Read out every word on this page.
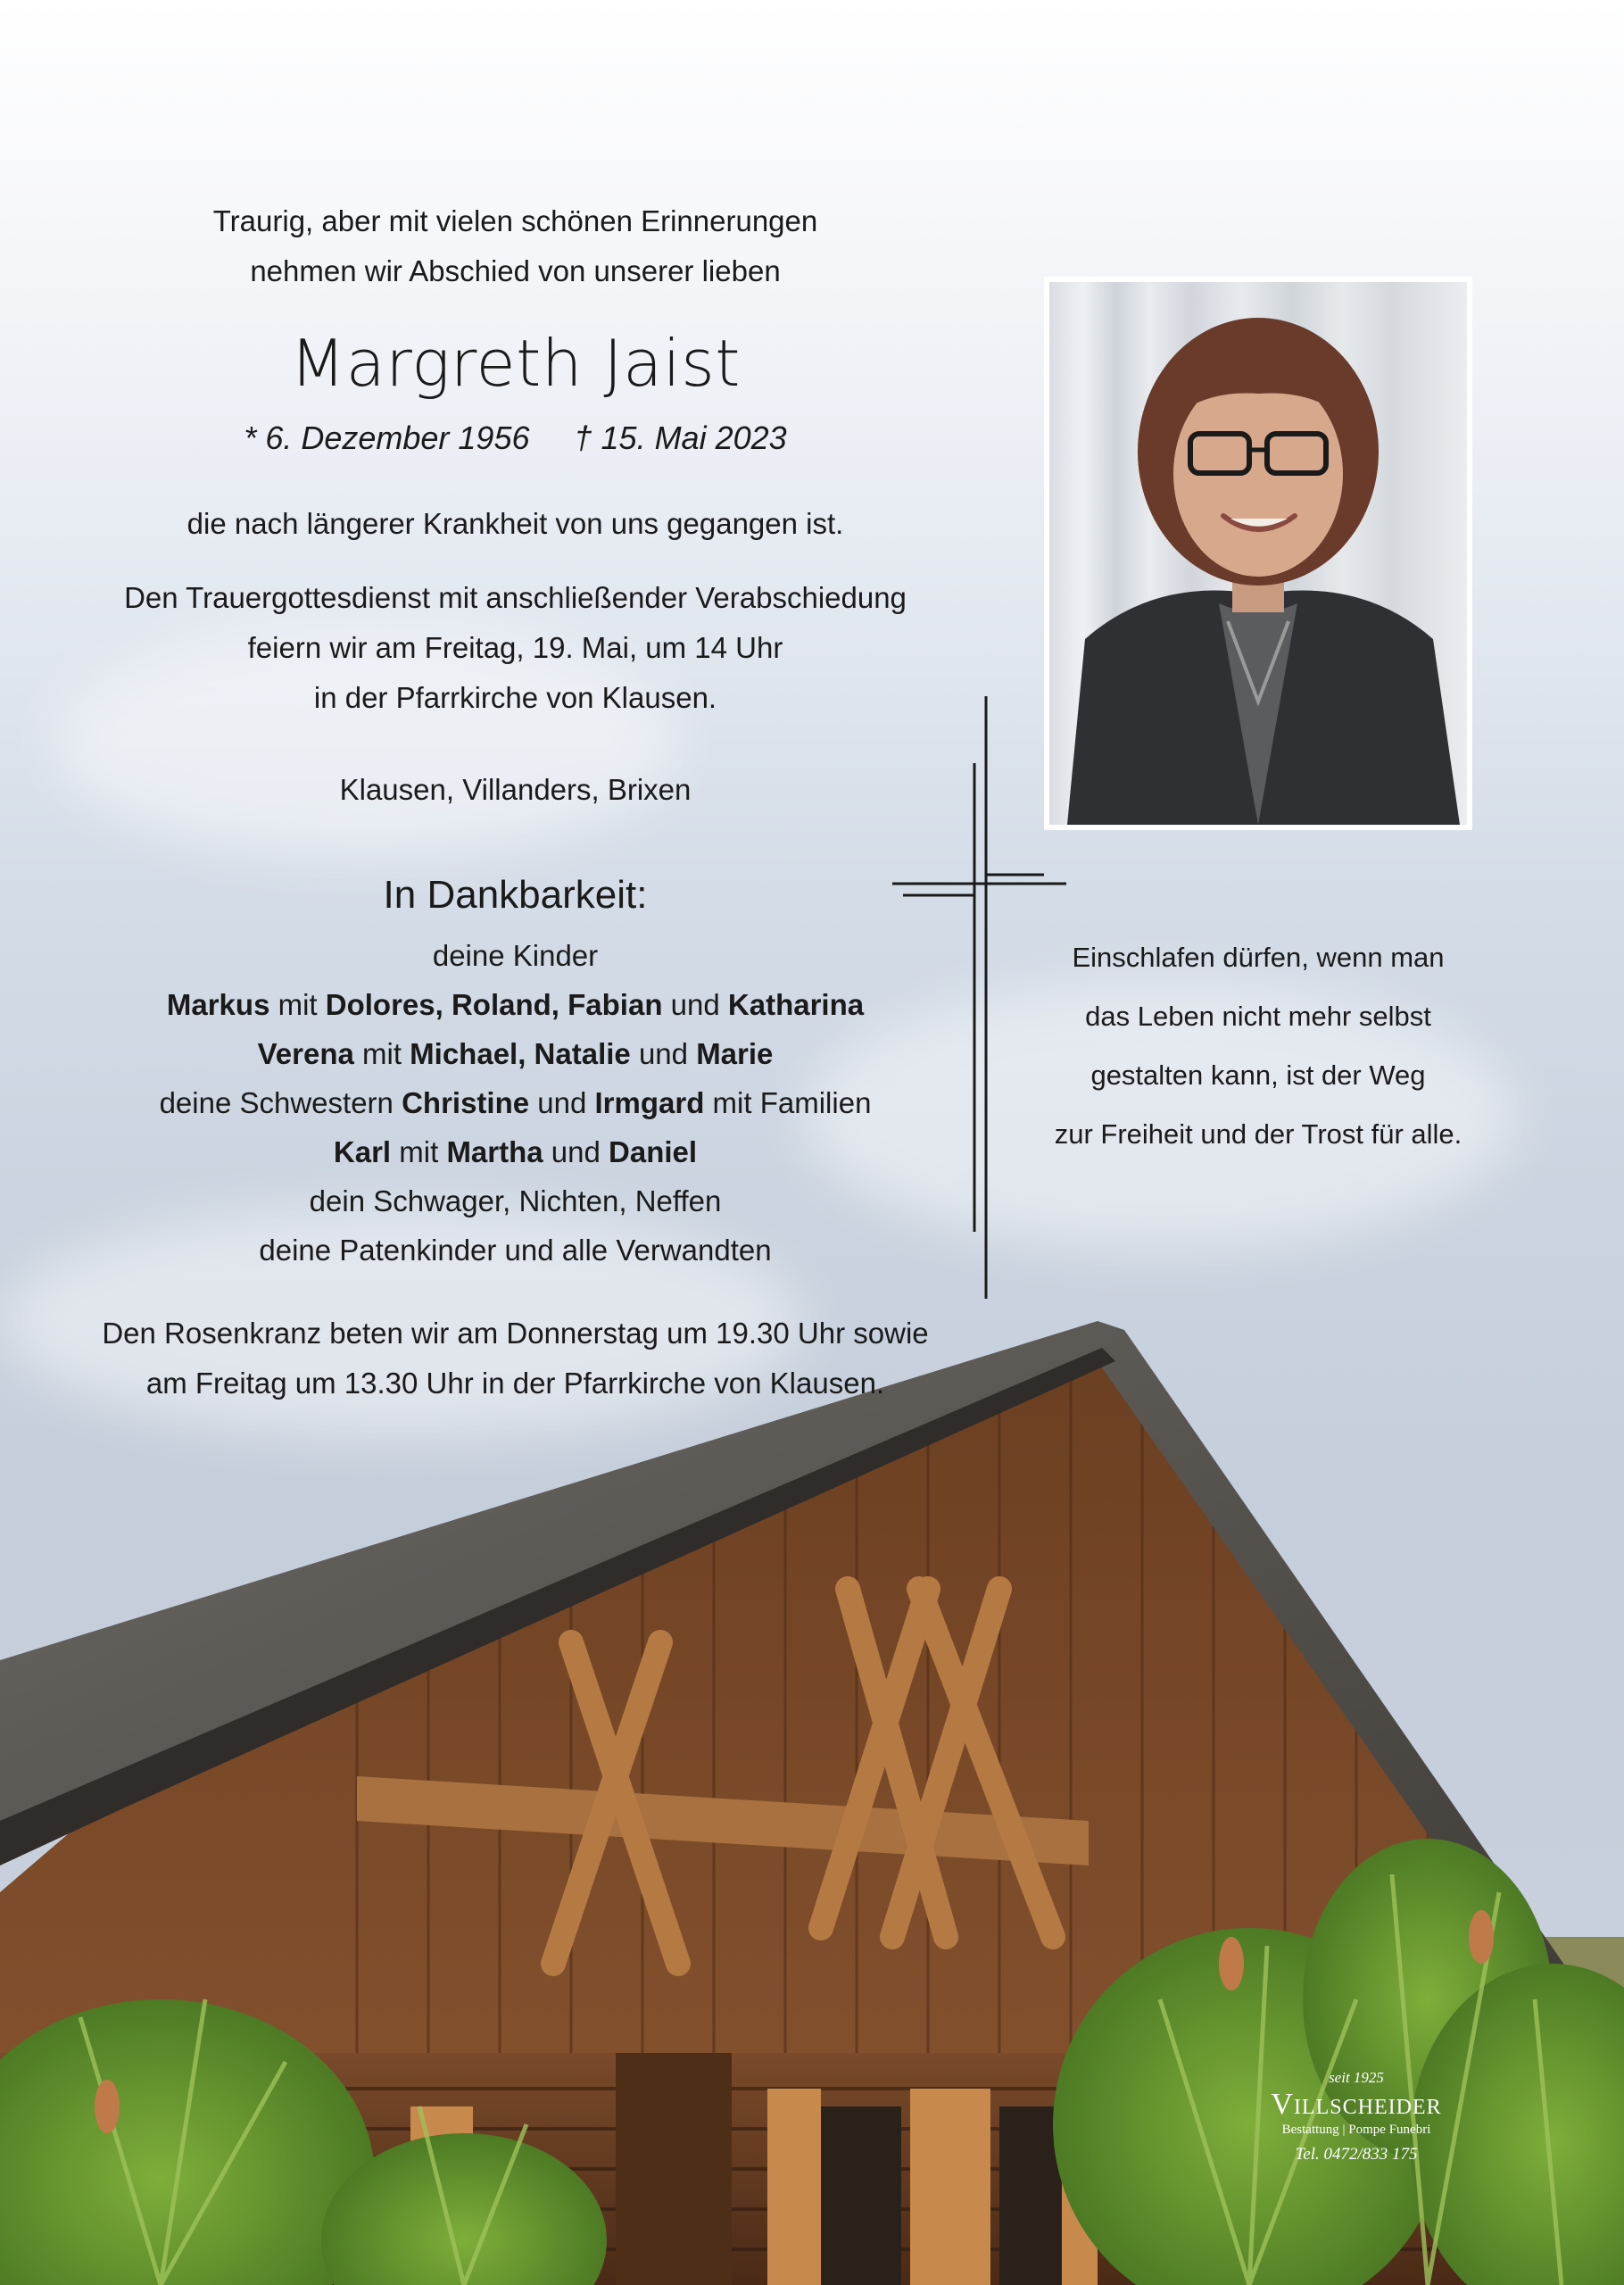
Traurig, aber mit vielen schönen Erinnerungen
nehmen wir Abschied von unserer lieben
Margreth Jaist
* 6. Dezember 1956 † 15. Mai 2023
die nach längerer Krankheit von uns gegangen ist.
Den Trauergottesdienst mit anschließender Verabschiedung
feiern wir am Freitag, 19. Mai, um 14 Uhr
in der Pfarrkirche von Klausen.
Klausen, Villanders, Brixen
In Dankbarkeit:
deine Kinder
Markus mit Dolores, Roland, Fabian und Katharina
Verena mit Michael, Natalie und Marie
deine Schwestern Christine und Irmgard mit Familien
Karl mit Martha und Daniel
dein Schwager, Nichten, Neffen
deine Patenkinder und alle Verwandten
Den Rosenkranz beten wir am Donnerstag um 19.30 Uhr sowie
am Freitag um 13.30 Uhr in der Pfarrkirche von Klausen.
Einschlafen dürfen, wenn man
das Leben nicht mehr selbst
gestalten kann, ist der Weg
zur Freiheit und der Trost für alle.
seit 1925
Villscheider
Bestattung | Pompe Funebri
Tel. 0472/833 175
